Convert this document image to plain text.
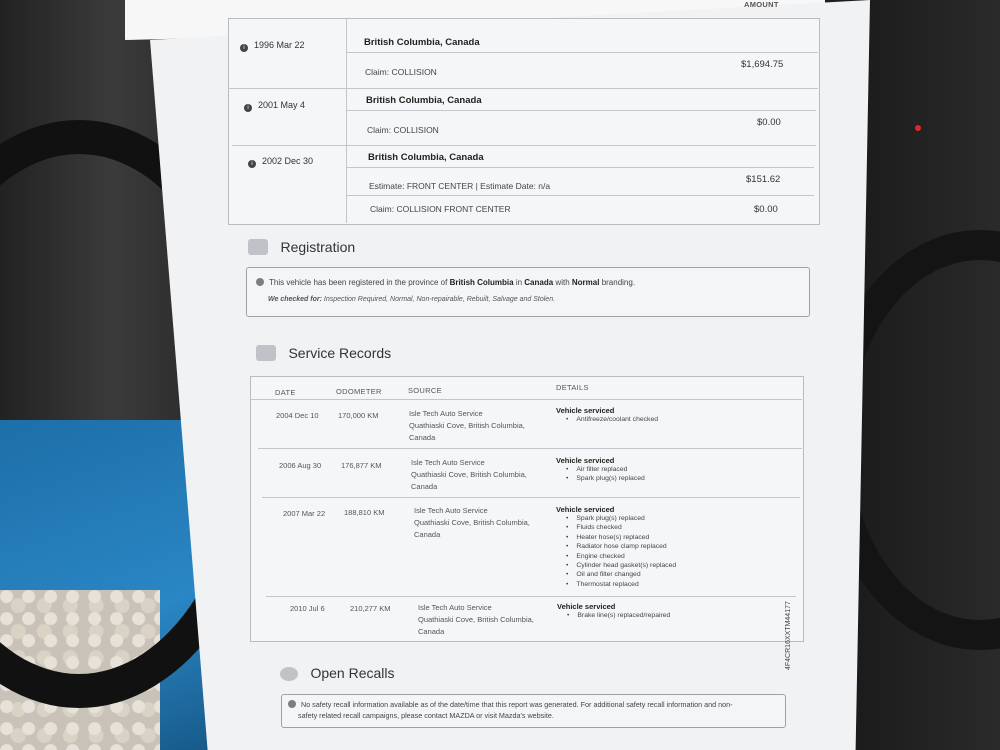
AMOUNT
i 1996 Mar 22	British Columbia, Canada
Claim: COLLISION
$1,694.75
i 2001 May 4	British Columbia, Canada
Claim: COLLISION
$0.00
i 2002 Dec 30	British Columbia, Canada
Estimate: FRONT CENTER | Estimate Date: n/a
$151.62
Claim: COLLISION FRONT CENTER	$0.00
Registration
This vehicle has been registered in the province of British Columbia in Canada with Normal branding.
We checked for: Inspection Required, Normal, Non-repairable, Rebuilt, Salvage and Stolen.
Service Records
DATE	ODOMETER	SOURCE	DETAILS
2004 Dec 10	170,000 KM	Isle Tech Auto Service
Quathiaski Cove, British Columbia,
Canada
Vehicle serviced
• Antifreeze/coolant checked
2006 Aug 30	176,877 KM	Isle Tech Auto Service
Quathiaski Cove, British Columbia,
Canada
Vehicle serviced
• Air filter replaced
• Spark plug(s) replaced
2007 Mar 22	188,810 KM	Isle Tech Auto Service
Quathiaski Cove, British Columbia,
Canada
Vehicle serviced
• Spark plug(s) replaced
• Fluids checked
• Heater hose(s) replaced
• Radiator hose clamp replaced
• Engine checked
• Cylinder head gasket(s) replaced
• Oil and filter changed
• Thermostat replaced
2010 Jul 6	210,277 KM	Isle Tech Auto Service
Quathiaski Cove, British Columbia,
Canada
Vehicle serviced
• Brake line(s) replaced/repaired
Open Recalls
No safety recall information available as of the date/time that this report was generated. For additional safety recall information and non-
safety related recall campaigns, please contact MAZDA or visit Mazda's website.
4F4CR16XXTM44177
